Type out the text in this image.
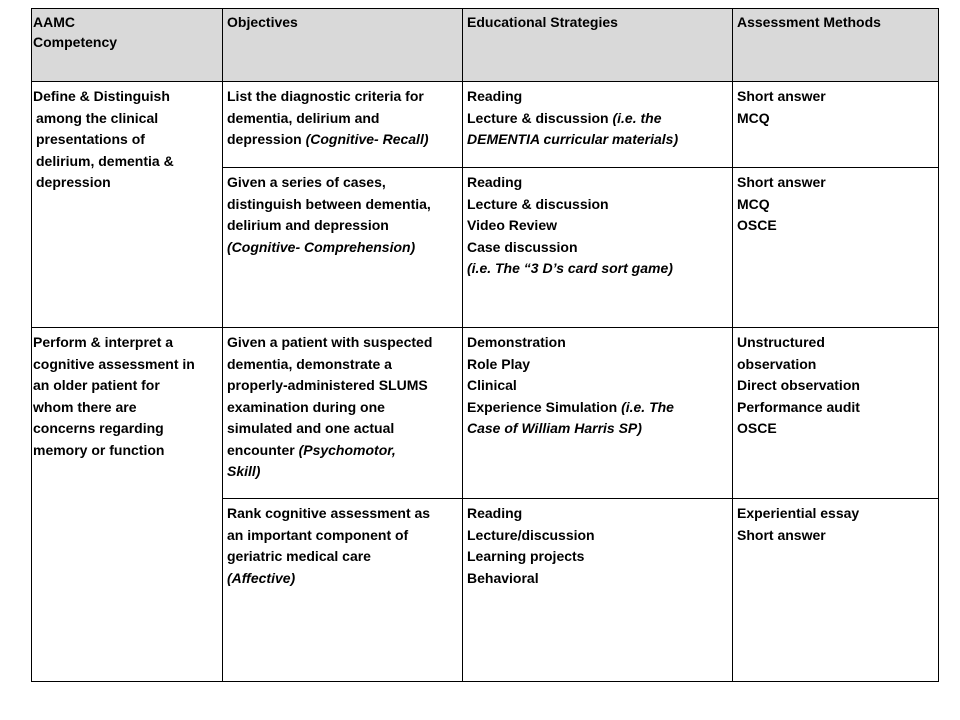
AAMC
Competency
Objectives	Educational Strategies	Assessment Methods
Define & Distinguish
among the clinical
presentations of
delirium, dementia &
depression
List the diagnostic criteria for
dementia, delirium and
depression (Cognitive- Recall)
Reading
Lecture & discussion (i.e. the
DEMENTIA curricular materials)
Short answer
MCQ
Given a series of cases,
distinguish between dementia,
delirium and depression
(Cognitive- Comprehension)
Reading
Lecture & discussion
Video Review
Case discussion
(i.e. The “3 D’s card sort game)
Short answer
MCQ
OSCE
Perform & interpret a
cognitive assessment in
an older patient for
whom there are
concerns regarding
memory or function
Given a patient with suspected
dementia, demonstrate a
properly-administered SLUMS
examination during one
simulated and one actual
encounter (Psychomotor,
Skill)
Demonstration
Role Play
Clinical
Experience Simulation (i.e. The
Case of William Harris SP)
Unstructured
observation
Direct observation
Performance audit
OSCE
Rank cognitive assessment as
an important component of
geriatric medical care
(Affective)
Reading
Lecture/discussion
Learning projects
Behavioral
Experiential essay
Short answer
